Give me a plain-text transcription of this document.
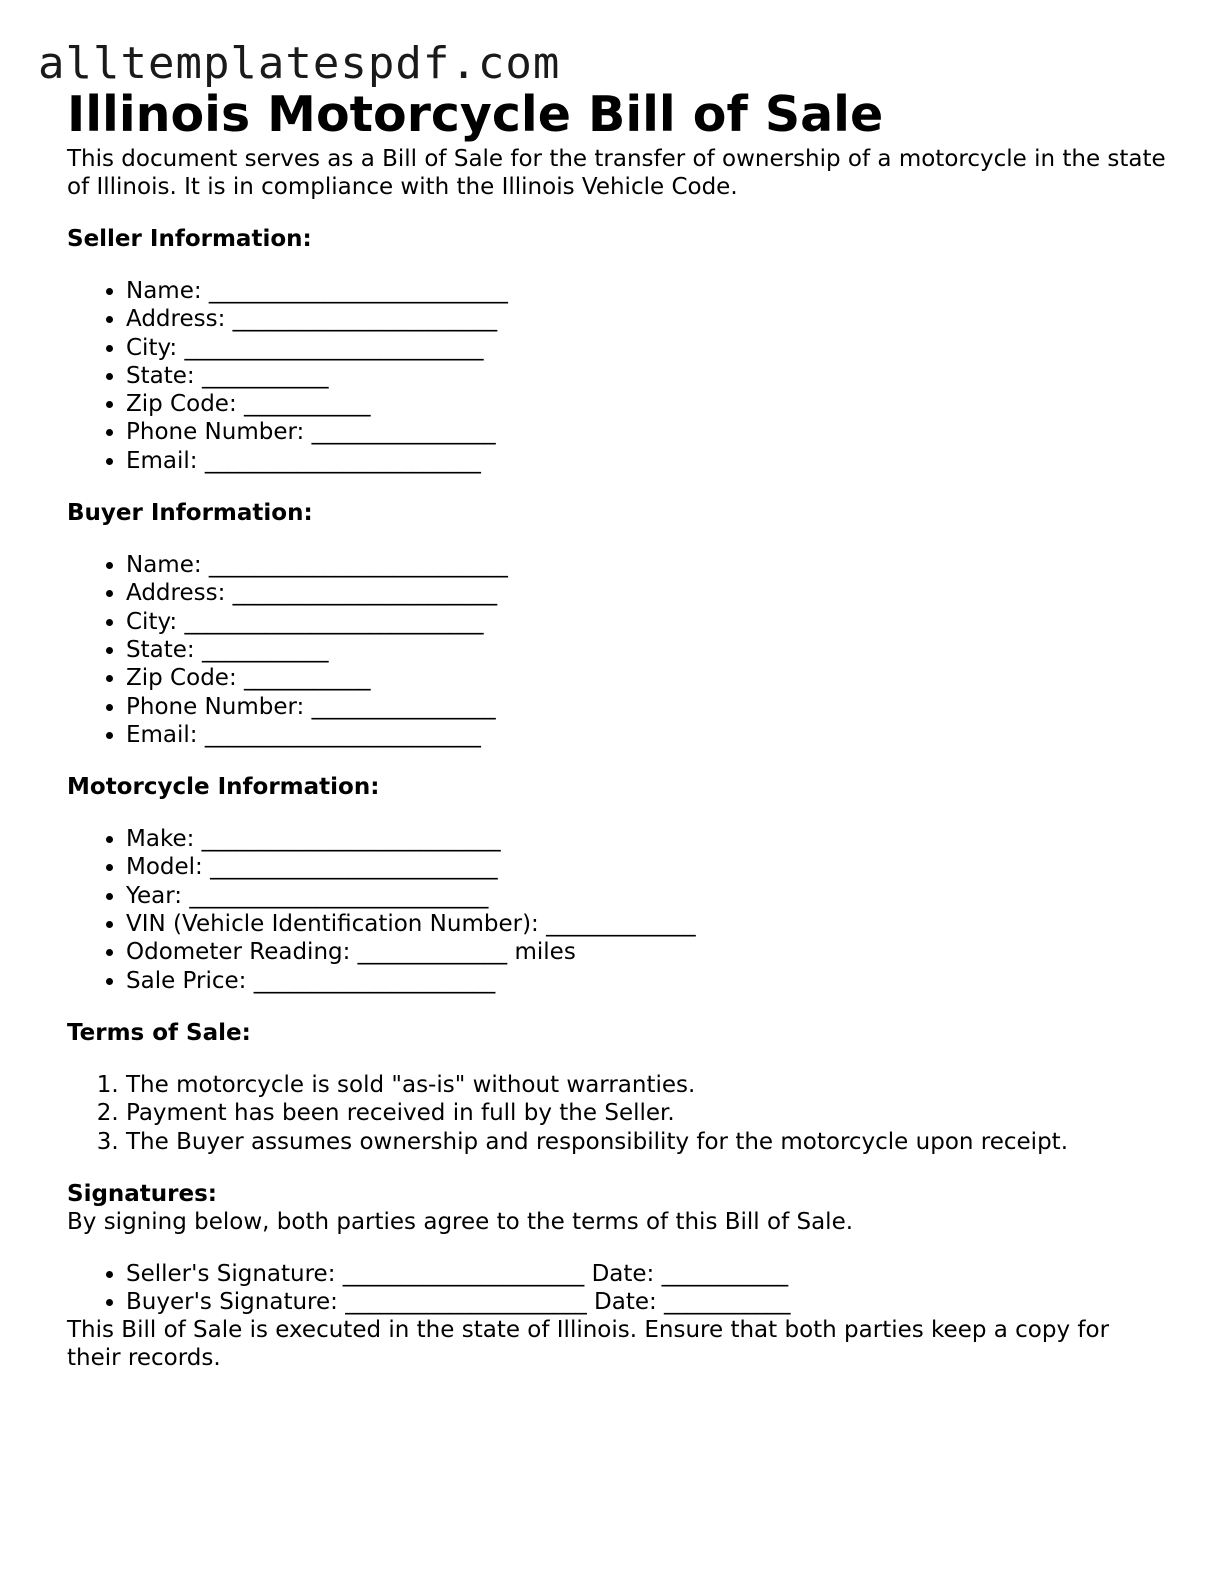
alltemplatespdf.com
Illinois Motorcycle Bill of Sale

This document serves as a Bill of Sale for the transfer of ownership of a motorcycle in the state of Illinois. It is in compliance with the Illinois Vehicle Code.

Seller Information:
• Name: __________________________
• Address: _______________________
• City: __________________________
• State: ___________
• Zip Code: ___________
• Phone Number: ________________
• Email: ________________________
Buyer Information:
• Name: __________________________
• Address: _______________________
• City: __________________________
• State: ___________
• Zip Code: ___________
• Phone Number: ________________
• Email: ________________________
Motorcycle Information:
• Make: __________________________
• Model: _________________________
• Year: __________________________
• VIN (Vehicle Identification Number): _____________
• Odometer Reading: _____________ miles
• Sale Price: _____________________
Terms of Sale:
1. The motorcycle is sold "as-is" without warranties.
2. Payment has been received in full by the Seller.
3. The Buyer assumes ownership and responsibility for the motorcycle upon receipt.
Signatures:

By signing below, both parties agree to the terms of this Bill of Sale.

• Seller's Signature: _____________________ Date: ___________
• Buyer's Signature: _____________________ Date: ___________

This Bill of Sale is executed in the state of Illinois. Ensure that both parties keep a copy for their records.
